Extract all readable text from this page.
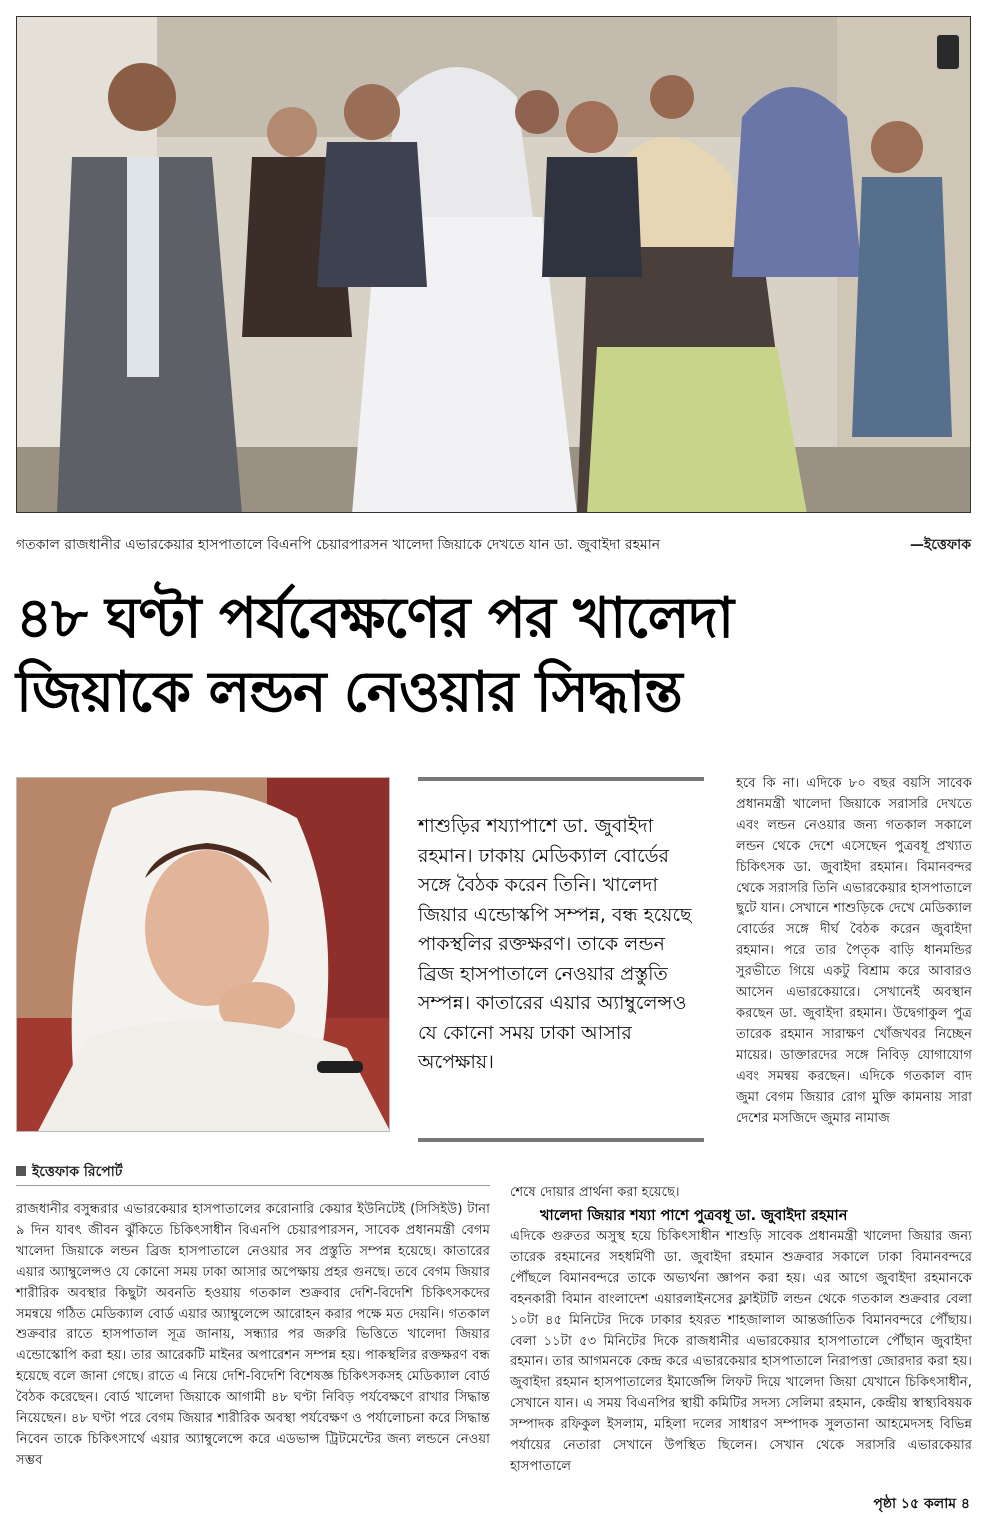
গতকাল রাজধানীর এভারকেয়ার হাসপাতালে বিএনপি চেয়ারপারসন খালেদা জিয়াকে দেখতে যান ডা. জুবাইদা রহমান	—ইত্তেফাক
৪৮ ঘণ্টা পর্যবেক্ষণের পর খালেদা
জিয়াকে লন্ডন নেওয়ার সিদ্ধান্ত
শাশুড়ির শয্যাপাশে ডা. জুবাইদা রহমান। ঢাকায় মেডিক্যাল বোর্ডের সঙ্গে বৈঠক করেন তিনি। খালেদা জিয়ার এন্ডোস্কপি সম্পন্ন, বন্ধ হয়েছে পাকস্থলির রক্তক্ষরণ। তাকে লন্ডন ব্রিজ হাসপাতালে নেওয়ার প্রস্তুতি সম্পন্ন। কাতারের এয়ার অ্যাম্বুলেন্সও যে কোনো সময় ঢাকা আসার অপেক্ষায়।
হবে কি না। এদিকে ৮০ বছর বয়সি সাবেক প্রধানমন্ত্রী খালেদা জিয়াকে সরাসরি দেখতে এবং লন্ডন নেওয়ার জন্য গতকাল সকালে লন্ডন থেকে দেশে এসেছেন পুত্রবধূ প্রখ্যাত চিকিৎসক ডা. জুবাইদা রহমান। বিমানবন্দর থেকে সরাসরি তিনি এভারকেয়ার হাসপাতালে ছুটে যান। সেখানে শাশুড়িকে দেখে মেডিক্যাল বোর্ডের সঙ্গে দীর্ঘ বৈঠক করেন জুবাইদা রহমান। পরে তার পৈতৃক বাড়ি ধানমন্ডির সুরভীতে গিয়ে একটু বিশ্রাম করে আবারও আসেন এভারকেয়ারে। সেখানেই অবস্থান করছেন ডা. জুবাইদা রহমান। উদ্বেগাকুল পুত্র তারেক রহমান সারাক্ষণ খোঁজখবর নিচ্ছেন মায়ের। ডাক্তারদের সঙ্গে নিবিড় যোগাযোগ এবং সমন্বয় করছেন। এদিকে গতকাল বাদ জুমা বেগম জিয়ার রোগ মুক্তি কামনায় সারা দেশের মসজিদে জুমার নামাজ
ইত্তেফাক রিপোর্ট
রাজধানীর বসুন্ধরার এভারকেয়ার হাসপাতালের করোনারি কেয়ার ইউনিটেই (সিসিইউ) টানা ৯ দিন যাবৎ জীবন ঝুঁকিতে চিকিৎসাধীন বিএনপি চেয়ারপারসন, সাবেক প্রধানমন্ত্রী বেগম খালেদা জিয়াকে লন্ডন ব্রিজ হাসপাতালে নেওয়ার সব প্রস্তুতি সম্পন্ন হয়েছে। কাতারের এয়ার অ্যাম্বুলেন্সও যে কোনো সময় ঢাকা আসার অপেক্ষায় প্রহর গুনছে। তবে বেগম জিয়ার শারীরিক অবস্থার কিছুটা অবনতি হওয়ায় গতকাল শুক্রবার দেশি-বিদেশি চিকিৎসকদের সমন্বয়ে গঠিত মেডিক্যাল বোর্ড এয়ার অ্যাম্বুলেন্সে আরোহন করার পক্ষে মত দেয়নি। গতকাল শুক্রবার রাতে হাসপাতাল সূত্র জানায়, সন্ধ্যার পর জরুরি ভিত্তিতে খালেদা জিয়ার এন্ডোস্কোপি করা হয়। তার আরেকটি মাইনর অপারেশন সম্পন্ন হয়। পাকস্থলির রক্তক্ষরণ বন্ধ হয়েছে বলে জানা গেছে। রাতে এ নিয়ে দেশি-বিদেশি বিশেষজ্ঞ চিকিৎসকসহ মেডিক্যাল বোর্ড বৈঠক করেছেন। বোর্ড খালেদা জিয়াকে আগামী ৪৮ ঘণ্টা নিবিড় পর্যবেক্ষণে রাখার সিদ্ধান্ত নিয়েছেন। ৪৮ ঘণ্টা পরে বেগম জিয়ার শারীরিক অবস্থা পর্যবেক্ষণ ও পর্যালোচনা করে সিদ্ধান্ত নিবেন তাকে চিকিৎসার্থে এয়ার অ্যাম্বুলেন্সে করে এডভান্স ট্রিটমেন্টের জন্য লন্ডনে নেওয়া সম্ভব
শেষে দোয়ার প্রার্থনা করা হয়েছে।
খালেদা জিয়ার শয্যা পাশে পুত্রবধূ ডা. জুবাইদা রহমান
এদিকে গুরুতর অসুস্থ হয়ে চিকিৎসাধীন শাশুড়ি সাবেক প্রধানমন্ত্রী খালেদা জিয়ার জন্য তারেক রহমানের সহধর্মিণী ডা. জুবাইদা রহমান শুক্রবার সকালে ঢাকা বিমানবন্দরে পৌঁছলে বিমানবন্দরে তাকে অভ্যর্থনা জ্ঞাপন করা হয়। এর আগে জুবাইদা রহমানকে বহনকারী বিমান বাংলাদেশ এয়ারলাইনসের ফ্লাইটটি লন্ডন থেকে গতকাল শুক্রবার বেলা ১০টা ৪৫ মিনিটের দিকে ঢাকার হযরত শাহজালাল আন্তর্জাতিক বিমানবন্দরে পৌঁছায়। বেলা ১১টা ৫৩ মিনিটের দিকে রাজধানীর এভারকেয়ার হাসপাতালে পৌঁছান জুবাইদা রহমান। তার আগমনকে কেন্দ্র করে এভারকেয়ার হাসপাতালে নিরাপত্তা জোরদার করা হয়। জুবাইদা রহমান হাসপাতালের ইমার্জেন্সি লিফট দিয়ে খালেদা জিয়া যেখানে চিকিৎসাধীন, সেখানে যান। এ সময় বিএনপির স্থায়ী কমিটির সদস্য সেলিমা রহমান, কেন্দ্রীয় স্বাস্থ্যবিষয়ক সম্পাদক রফিকুল ইসলাম, মহিলা দলের সাধারণ সম্পাদক সুলতানা আহমেদসহ বিভিন্ন পর্যায়ের নেতারা সেখানে উপস্থিত ছিলেন। সেখান থেকে সরাসরি এভারকেয়ার হাসপাতালে
পৃষ্ঠা ১৫ কলাম ৪
